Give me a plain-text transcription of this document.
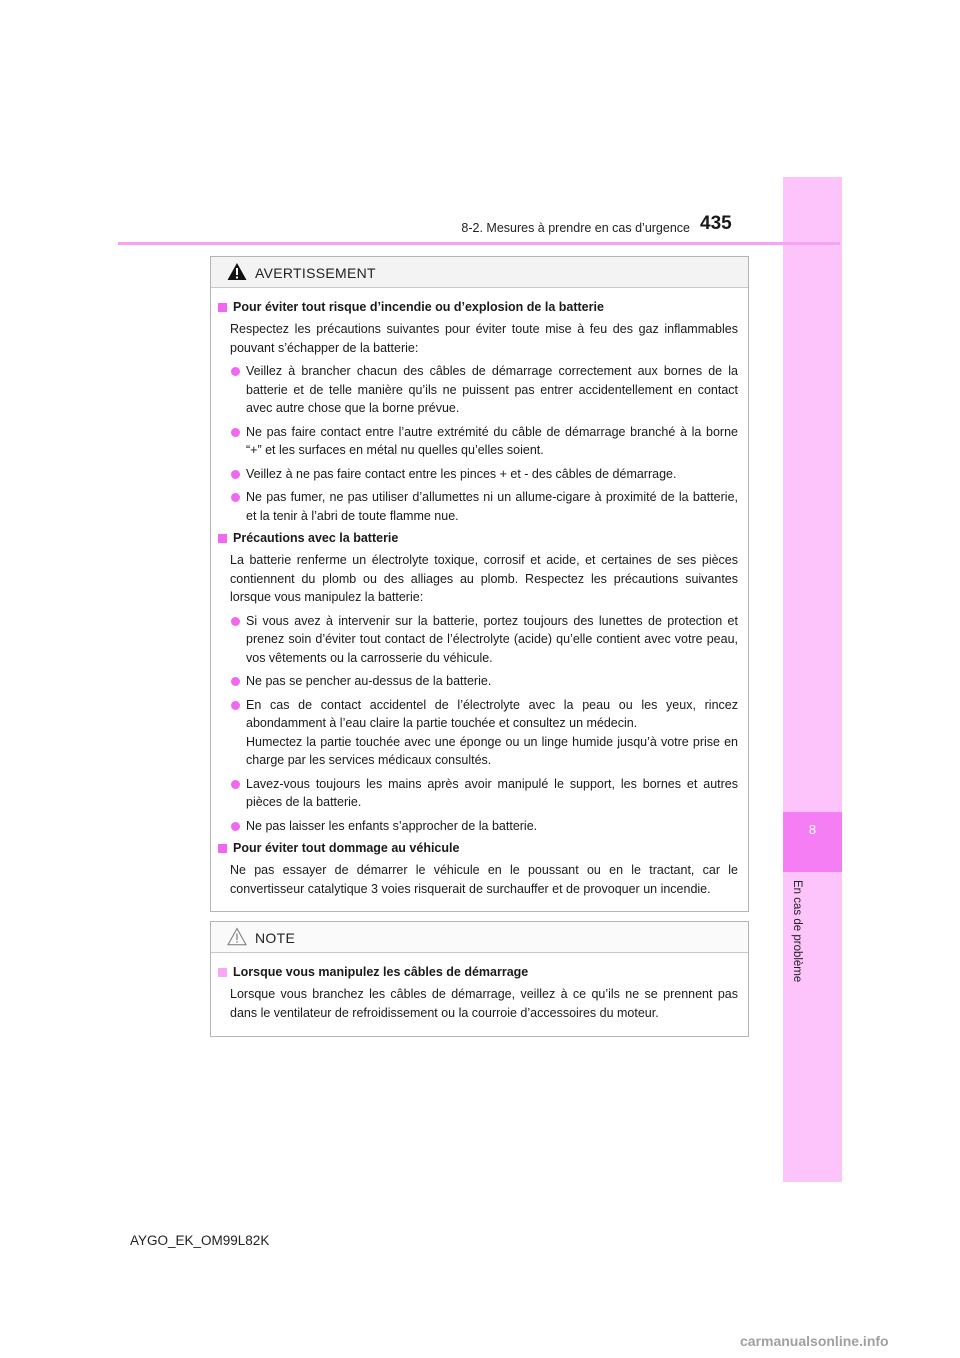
8
En cas de problème
8-2. Mesures à prendre en cas d’urgence 435
AVERTISSEMENT
Pour éviter tout risque d’incendie ou d’explosion de la batterie

Respectez les précautions suivantes pour éviter toute mise à feu des gaz inflammables pouvant s’échapper de la batterie:

Veillez à brancher chacun des câbles de démarrage correctement aux bornes de la batterie et de telle manière qu’ils ne puissent pas entrer accidentellement en contact avec autre chose que la borne prévue.
Ne pas faire contact entre l’autre extrémité du câble de démarrage branché à la borne “+” et les surfaces en métal nu quelles qu’elles soient.
Veillez à ne pas faire contact entre les pinces + et - des câbles de démarrage.
Ne pas fumer, ne pas utiliser d’allumettes ni un allume-cigare à proximité de la batterie, et la tenir à l’abri de toute flamme nue.
Précautions avec la batterie

La batterie renferme un électrolyte toxique, corrosif et acide, et certaines de ses pièces contiennent du plomb ou des alliages au plomb. Respectez les précautions suivantes lorsque vous manipulez la batterie:

Si vous avez à intervenir sur la batterie, portez toujours des lunettes de protection et prenez soin d’éviter tout contact de l’électrolyte (acide) qu’elle contient avec votre peau, vos vêtements ou la carrosserie du véhicule.
Ne pas se pencher au-dessus de la batterie.
En cas de contact accidentel de l’électrolyte avec la peau ou les yeux, rincez abondamment à l’eau claire la partie touchée et consultez un médecin.
Humectez la partie touchée avec une éponge ou un linge humide jusqu’à votre prise en charge par les services médicaux consultés.
Lavez-vous toujours les mains après avoir manipulé le support, les bornes et autres pièces de la batterie.
Ne pas laisser les enfants s’approcher de la batterie.
Pour éviter tout dommage au véhicule

Ne pas essayer de démarrer le véhicule en le poussant ou en le tractant, car le convertisseur catalytique 3 voies risquerait de surchauffer et de provoquer un incendie.

NOTE
Lorsque vous manipulez les câbles de démarrage

Lorsque vous branchez les câbles de démarrage, veillez à ce qu’ils ne se prennent pas dans le ventilateur de refroidissement ou la courroie d’accessoires du moteur.

AYGO_EK_OM99L82K
carmanualsonline.info
